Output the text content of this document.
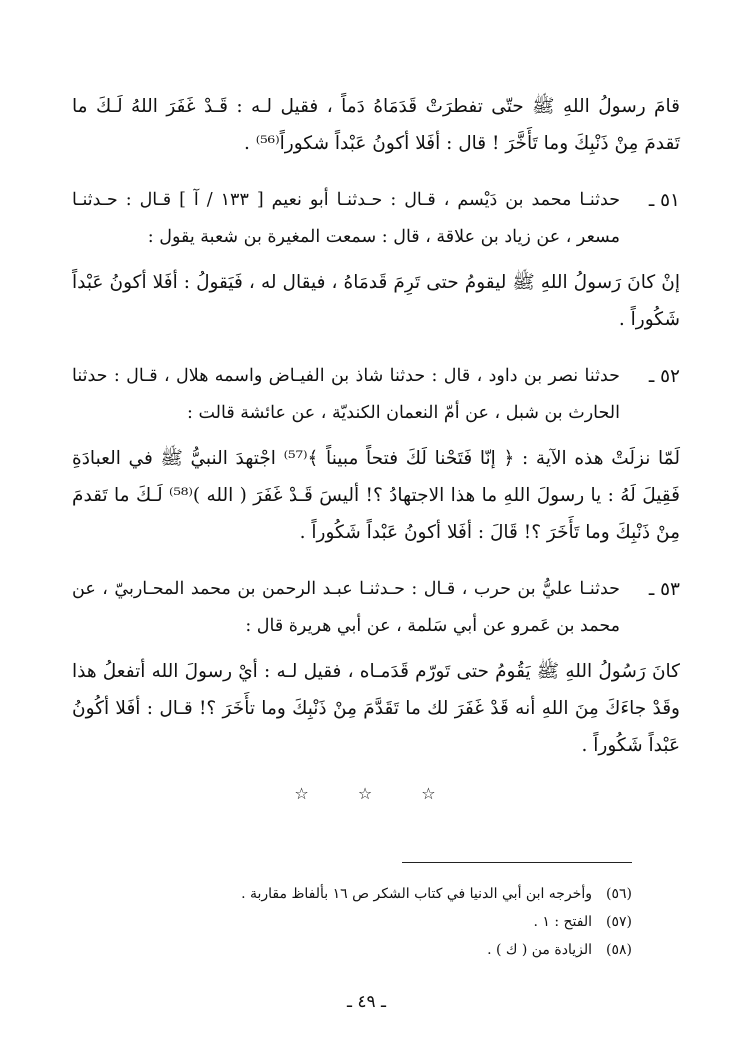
قامَ رسولُ اللهِ ﷺ حتّى تفطرَتْ قَدَمَاهُ دَماً ، فقيل لـه : قَـدْ غَفَرَ اللهُ لَـكَ ما تَقدمَ مِنْ ذَنْبِكَ وما تَأَخَّرَ ! قال : أفَلا أكونُ عَبْداً شكوراً⁽⁵⁶⁾ .

٥١ ـ
حدثنـا محمد بن دَيْسم ، قـال : حـدثنـا أبو نعيم [ ١٣٣ / آ ] قـال : حـدثنـا مسعر ، عن زياد بن علاقة ، قال : سمعت المغيرة بن شعبة يقول :

إنْ كانَ رَسولُ اللهِ ﷺ ليقومُ حتى تَرِمَ قَدمَاهُ ، فيقال له ، فَيَقولُ : أفَلا أكونُ عَبْداً شَكُوراً .

٥٢ ـ
حدثنا نصر بن داود ، قال : حدثنا شاذ بن الفيـاض واسمه هلال ، قـال : حدثنا الحارث بن شبل ، عن أمّ النعمان الكنديّة ، عن عائشة قالت :

لَمّا نزلَتْ هذه الآية : ﴿ إنّا فَتَحْنا لَكَ فتحاً مبيناً ﴾⁽⁵⁷⁾ اجْتهدَ النبيُّ ﷺ في العبادَةِ فَقِيلَ لَهُ : يا رسولَ اللهِ ما هذا الاجتهادُ ؟! أليسَ قَـدْ غَفَرَ ( الله )⁽⁵⁸⁾ لَـكَ ما تَقدمَ مِنْ ذَنْبِكَ وما تَأَخَرَ ؟! قَالَ : أفَلا أكونُ عَبْداً شَكُوراً .

٥٣ ـ
حدثنـا عليُّ بن حرب ، قـال : حـدثنـا عبـد الرحمن بن محمد المحـاربيّ ، عن محمد بن عَمرو عن أبي سَلمة ، عن أبي هريرة قال :

كانَ رَسُولُ اللهِ ﷺ يَقُومُ حتى تَورّم قَدَمـاه ، فقيل لـه : أيْ رسولَ الله أتفعلُ هذا وقَدْ جاءَكَ مِنَ اللهِ أنه قَدْ غَفَرَ لك ما تَقَدَّمَ مِنْ ذَنْبِكَ وما تأَخَرَ ؟! قـال : أفَلا أكُونُ عَبْداً شَكُوراً .

☆ ☆ ☆
(٥٦)
وأخرجه ابن أبي الدنيا في كتاب الشكر ص ١٦ بألفاظ مقاربة .
(٥٧)
الفتح : ١ .
(٥٨)
الزيادة من ( ك ) .
ـ ٤٩ ـ
